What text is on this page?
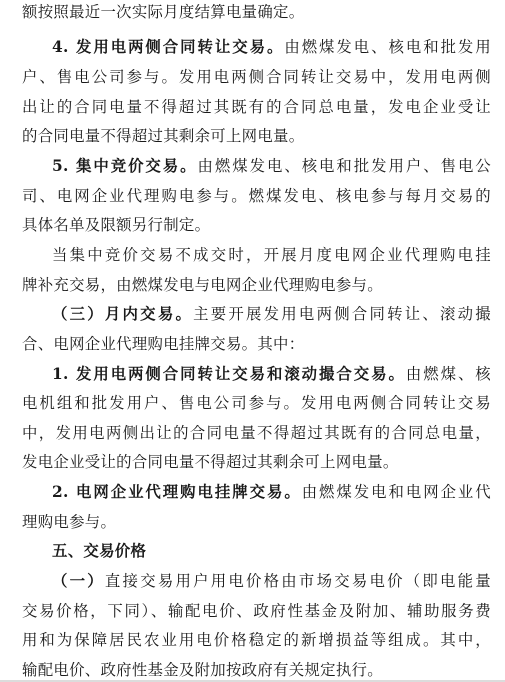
额按照最近一次实际月度结算电量确定。
4. 发用电两侧合同转让交易。由燃煤发电、核电和批发用
户、售电公司参与。发用电两侧合同转让交易中，发用电两侧
出让的合同电量不得超过其既有的合同总电量，发电企业受让
的合同电量不得超过其剩余可上网电量。
5. 集中竞价交易。由燃煤发电、核电和批发用户、售电公
司、电网企业代理购电参与。燃煤发电、核电参与每月交易的
具体名单及限额另行制定。
当集中竞价交易不成交时，开展月度电网企业代理购电挂
牌补充交易，由燃煤发电与电网企业代理购电参与。
（三）月内交易。主要开展发用电两侧合同转让、滚动撮
合、电网企业代理购电挂牌交易。其中：
1. 发用电两侧合同转让交易和滚动撮合交易。由燃煤、核
电机组和批发用户、售电公司参与。发用电两侧合同转让交易
中，发用电两侧出让的合同电量不得超过其既有的合同总电量，
发电企业受让的合同电量不得超过其剩余可上网电量。
2. 电网企业代理购电挂牌交易。由燃煤发电和电网企业代
理购电参与。
五、交易价格
（一）直接交易用户用电价格由市场交易电价（即电能量
交易价格，下同）、输配电价、政府性基金及附加、辅助服务费
用和为保障居民农业用电价格稳定的新增损益等组成。其中，
输配电价、政府性基金及附加按政府有关规定执行。
